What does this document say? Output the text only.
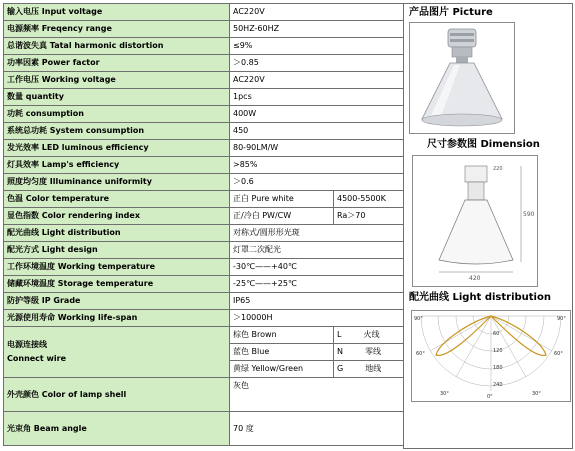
输入电压 Input voltage	AC220V	
电源频率 Freqency range	50HZ-60HZ	
总谐波失真 Tatal harmonic distortion	≤9%	
功率因素 Power factor	＞0.85	
工作电压 Working voltage	AC220V	
数量 quantity	1pcs	
功耗 consumption	400W	
系统总功耗 System consumption	450	
发光效率 LED luminous efficiency	80-90LM/W	
灯具效率 Lamp's efficiency	>85%	
照度均匀度 Illuminance uniformity	＞0.6	
色温 Color temperature	正白 Pure white	4500-5500K
显色指数 Color rendering index	正/冷白 PW/CW	Ra＞70
配光曲线 Light distribution	对称式/圆形形光斑	
配光方式 Light design	灯罩二次配光	
工作环境温度 Working temperature	-30℃——+40℃	
储藏环境温度 Storage temperature	-25℃——+25℃	
防护等级 IP Grade	IP65	
光源使用寿命 Working life-span	＞10000H	

电源连接线
Connect wire	棕色 Brown	L 火线
	蓝色 Blue	N 零线
	黄绿 Yellow/Green	G 地线
外壳颜色 Color of lamp shell	灰色	
光束角 Beam angle	70 度	
产品图片 Picture
尺寸参数图 Dimension
420
590
220
配光曲线 Light distribution
90°
60°
30°	0°	30°
60°
90°
60
120
180
240
